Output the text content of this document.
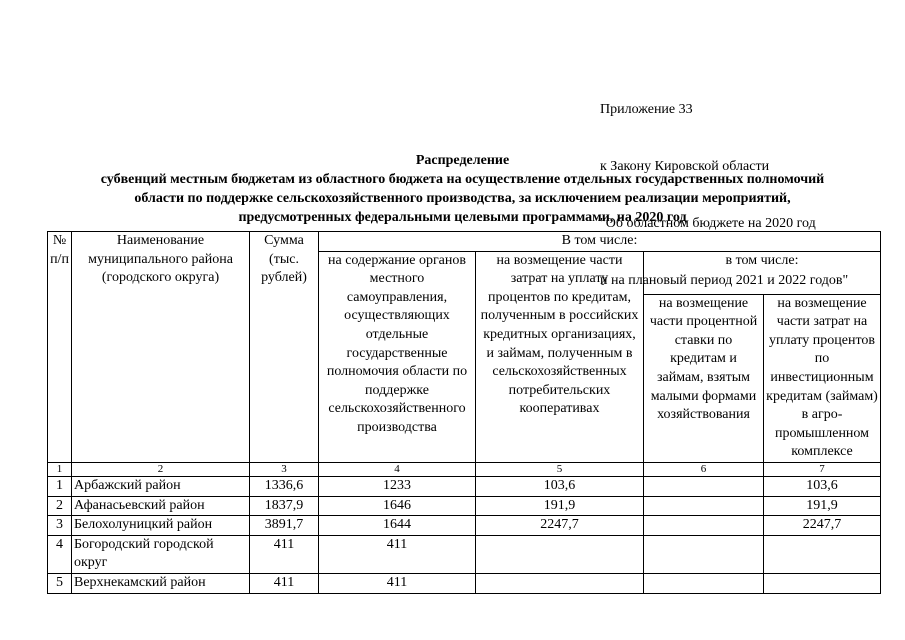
Приложение 33

к Закону Кировской области

"Об областном бюджете на 2020 год

и на плановый период 2021 и 2022 годов"

Распределение
субвенций местным бюджетам из областного бюджета на осуществление отдельных государственных полномочий
области по поддержке сельскохозяйственного производства, за исключением реализации мероприятий,
предусмотренных федеральными целевыми программами, на 2020 год
№ п/п	Наименование муниципального района (городского округа)	Сумма (тыс. рублей)	В том числе:			
			на содержание органов местного самоуправления, осуществляющих отдельные государственные полномочия области по поддержке сельскохозяйственного производства	на возмещение части затрат на уплату процентов по кредитам, полученным в российских кредитных организациях, и займам, полученным в сельскохозяйственных потребительских кооперативах	в том числе:	
					на возмещение части процентной ставки по кредитам и займам, взятым малыми формами хозяйствования	на возмещение части затрат на уплату процентов по инвестиционным кредитам (займам) в агро-промышленном комплексе
1	2	3	4	5	6	7
1	Арбажский район	1336,6	1233	103,6		103,6
2	Афанасьевский район	1837,9	1646	191,9		191,9
3	Белохолуницкий район	3891,7	1644	2247,7		2247,7
4	Богородский городской округ	411	411			
5	Верхнекамский район	411	411			
